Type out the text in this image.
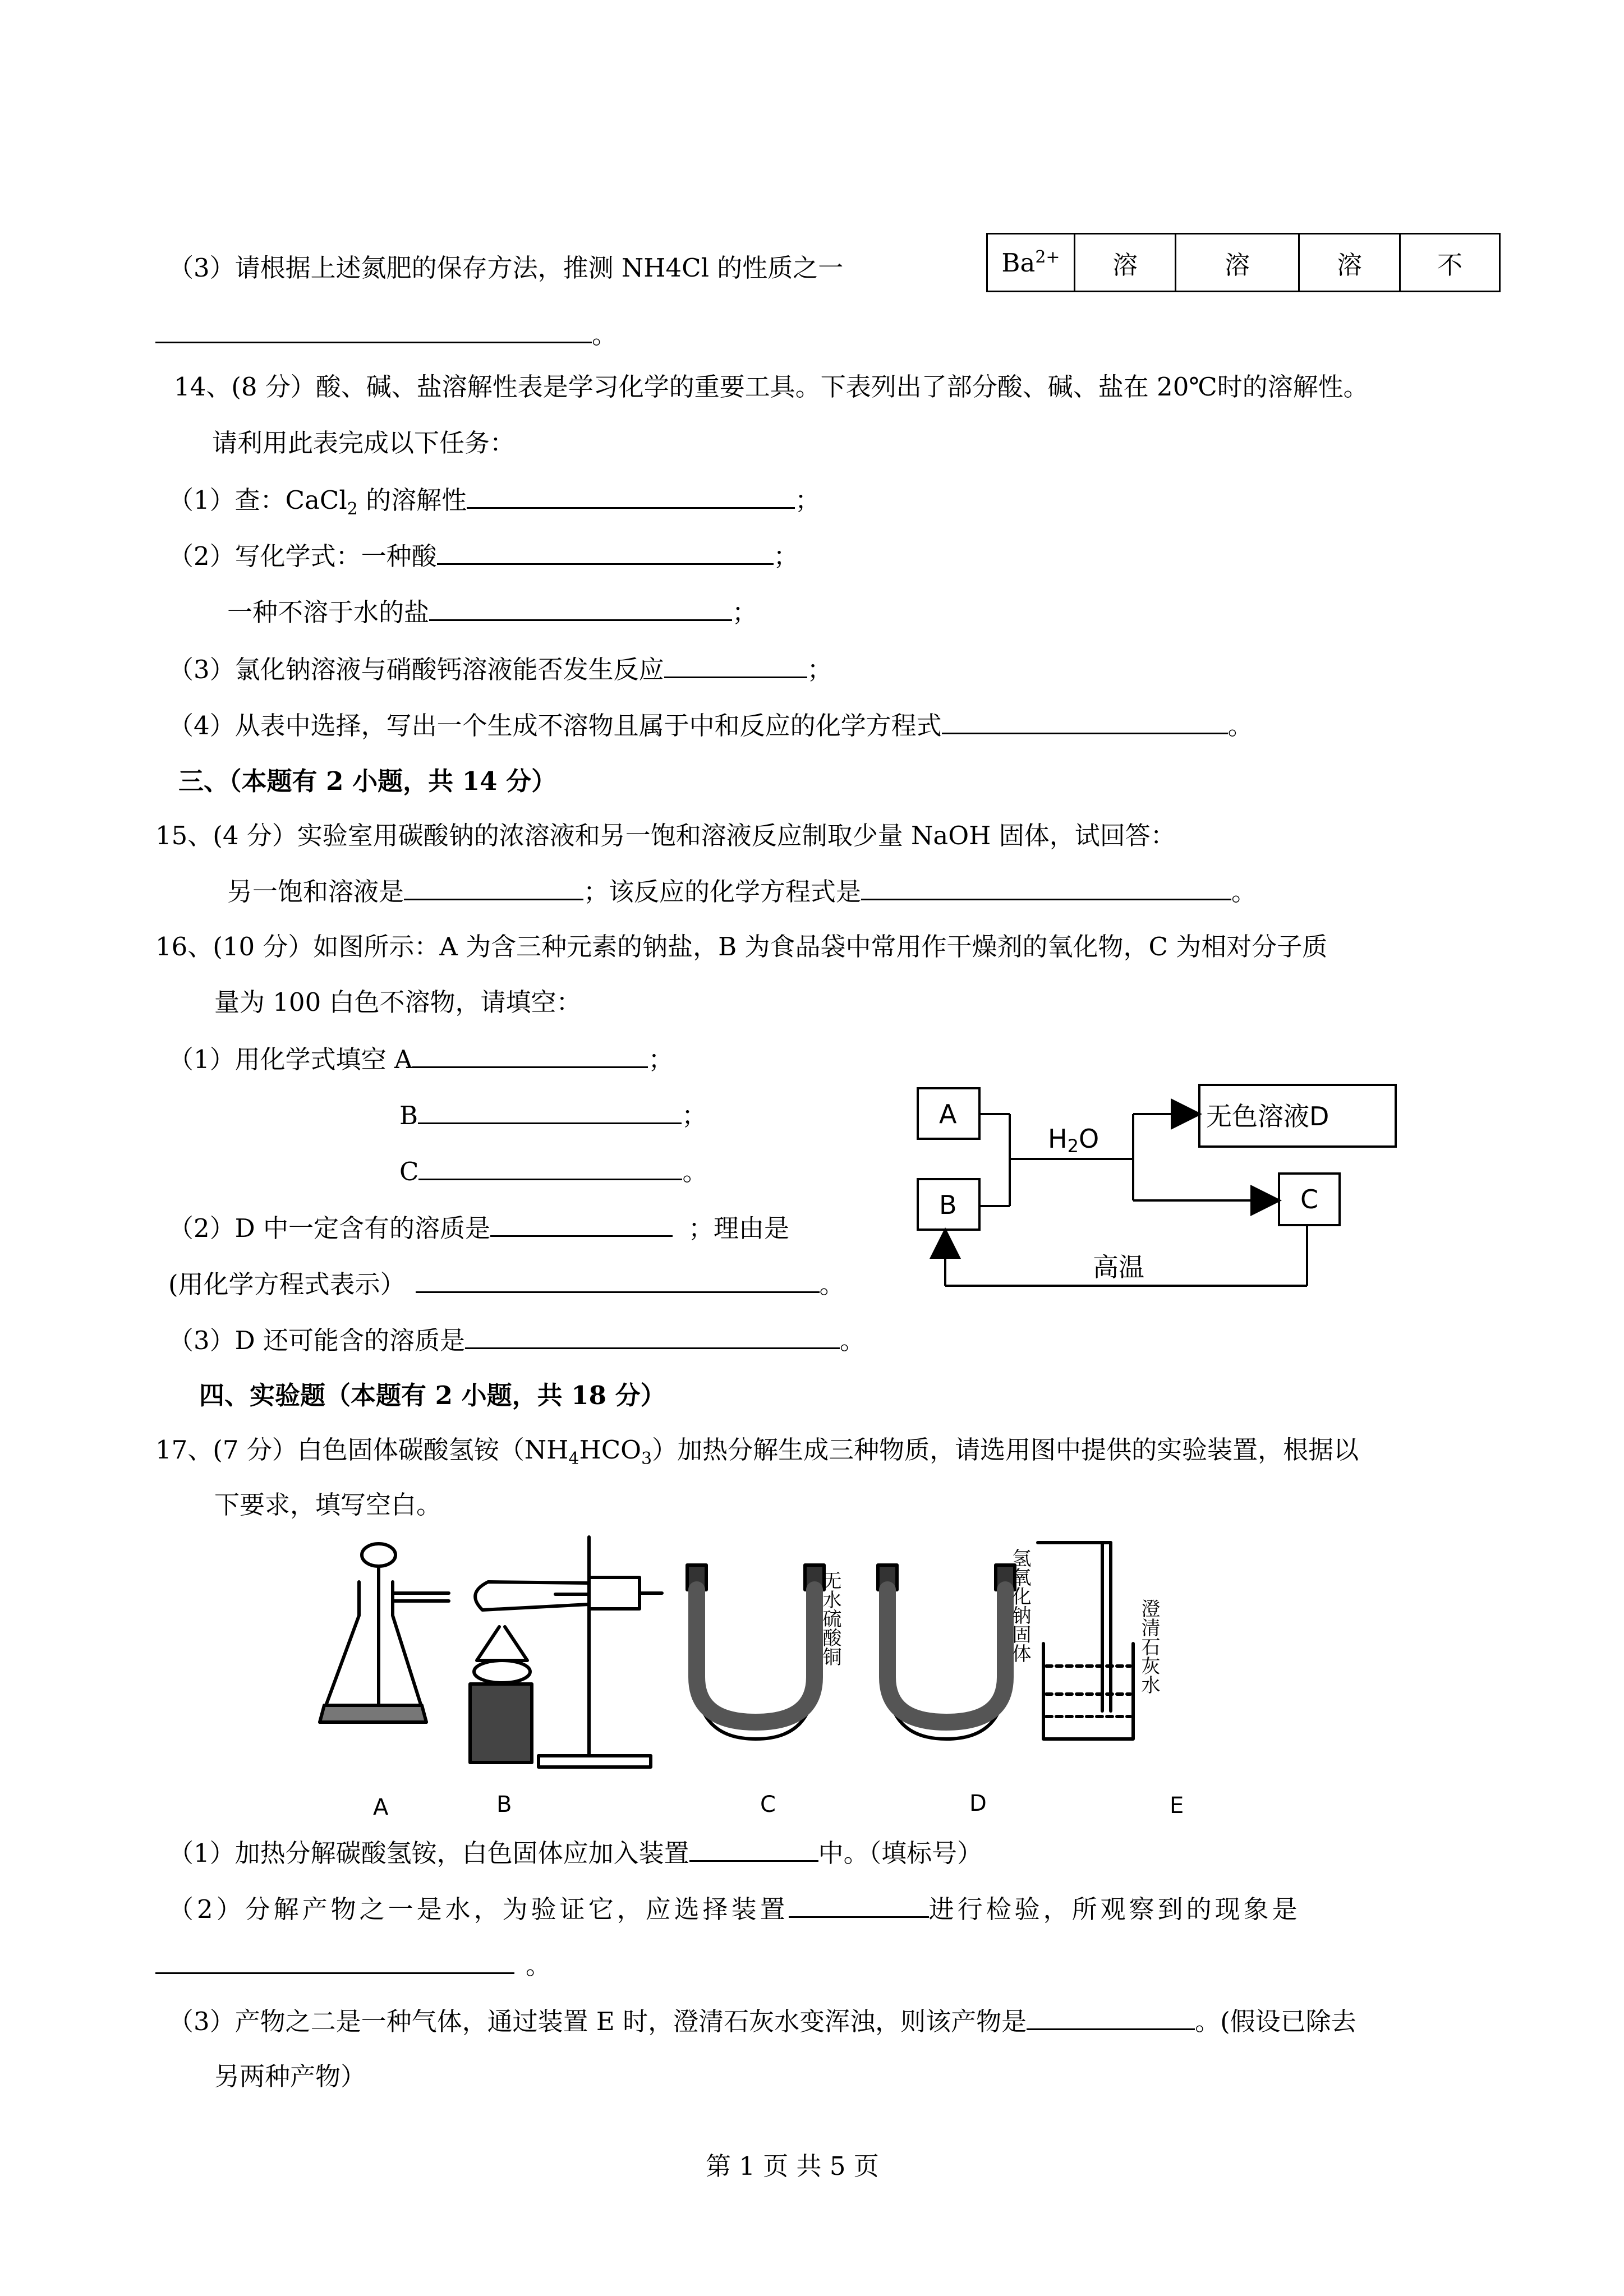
（3）请根据上述氮肥的保存方法，推测 NH4Cl 的性质之一
。
$Ba^{2+}$	溶	溶	溶	不
14、(8 分）酸、碱、盐溶解性表是学习化学的重要工具。下表列出了部分酸、碱、盐在 20℃时的溶解性。
请利用此表完成以下任务：
（1）查：CaCl$_2$ 的溶解性	；
（2）写化学式：一种酸	；
一种不溶于水的盐	；
（3）氯化钠溶液与硝酸钙溶液能否发生反应	；
（4）从表中选择，写出一个生成不溶物且属于中和反应的化学方程式	。
三、（本题有 2 小题，共 14 分）
15、(4 分）实验室用碳酸钠的浓溶液和另一饱和溶液反应制取少量 NaOH 固体，试回答：
另一饱和溶液是	；该反应的化学方程式是	。
16、(10 分）如图所示：A 为含三种元素的钠盐，B 为食品袋中常用作干燥剂的氧化物，C 为相对分子质
量为 100 白色不溶物，请填空：
（1）用化学式填空 A	；
B	；
C	。
（2）D 中一定含有的溶质是	；理由是
(用化学方程式表示）	。
（3）D 还可能含的溶质是	。
A
B	C
H2O
无色溶液D
高温
四、实验题（本题有 2 小题，共 18 分）
17、(7 分）白色固体碳酸氢铵$(NH_4HCO_3)$加热分解生成三种物质，请选用图中提供的实验装置，根据以
下要求，填写空白。
无水硫酸铜	氢氧化钠固体	澄清石灰水
A	B	C	D	E
（1）加热分解碳酸氢铵，白色固体应加入装置	中。（填标号）
（2）分解产物之一是水，为验证它，应选择装置	进行检验，所观察到的现象是
。
（3）产物之二是一种气体，通过装置 E 时，澄清石灰水变浑浊，则该产物是	。(假设已除去
另两种产物）
第 1 页 共 5 页
